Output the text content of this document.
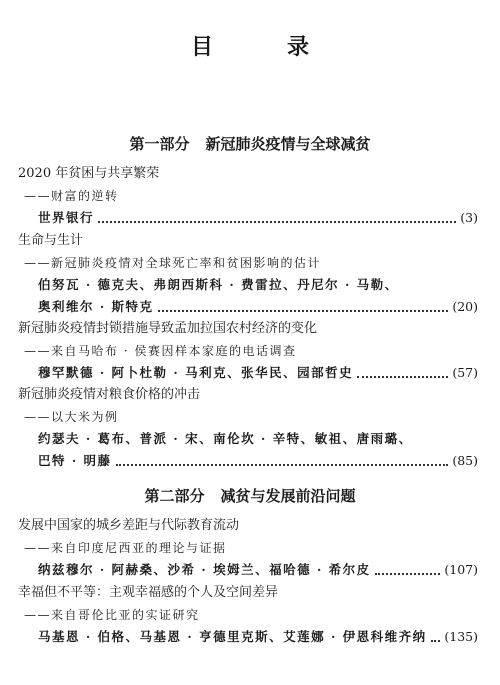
目　录
第一部分 新冠肺炎疫情与全球减贫
2020 年贫困与共享繁荣
——财富的逆转
世界银行	(3)
生命与生计
——新冠肺炎疫情对全球死亡率和贫困影响的估计
伯努瓦 · 德克夫、弗朗西斯科 · 费雷拉、丹尼尔 · 马勒、
奥利维尔 · 斯特克	(20)
新冠肺炎疫情封锁措施导致孟加拉国农村经济的变化
——来自马哈布 · 侯赛因样本家庭的电话调查
穆罕默德 · 阿卜杜勒 · 马利克、张华民、园部哲史	(57)
新冠肺炎疫情对粮食价格的冲击
——以大米为例
约瑟夫 · 葛布、普派 · 宋、南伦坎 · 辛特、敏祖、唐雨璐、
巴特 · 明藤	(85)
第二部分 减贫与发展前沿问题
发展中国家的城乡差距与代际教育流动
——来自印度尼西亚的理论与证据
纳兹穆尔 · 阿赫桑、沙希 · 埃姆兰、福哈德 · 希尔皮	(107)
幸福但不平等：主观幸福感的个人及空间差异
——来自哥伦比亚的实证研究
马基恩 · 伯格、马基恩 · 亨德里克斯、艾莲娜 · 伊恩科维齐纳 (135)
